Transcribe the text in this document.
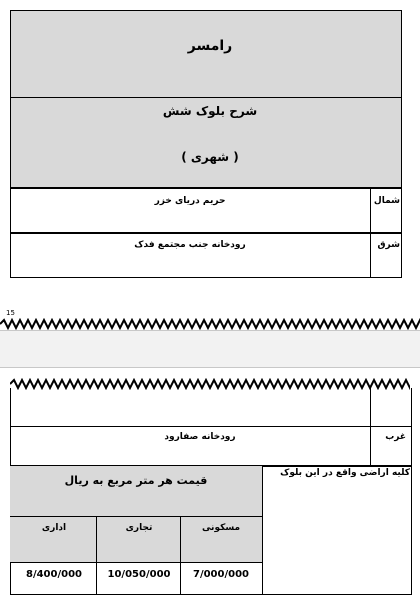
رامسر
شرح بلوک شش
( شهری )
شمال
حریم دریای خزر
شرق
رودخانه جنب مجتمع فدک
15
غرب
رودخانه صفارود
کلیه اراضی واقع در این بلوک
قیمت هر متر مربع به ریال
مسکونی
تجاری
اداری
7/000/000
10/050/000
8/400/000
